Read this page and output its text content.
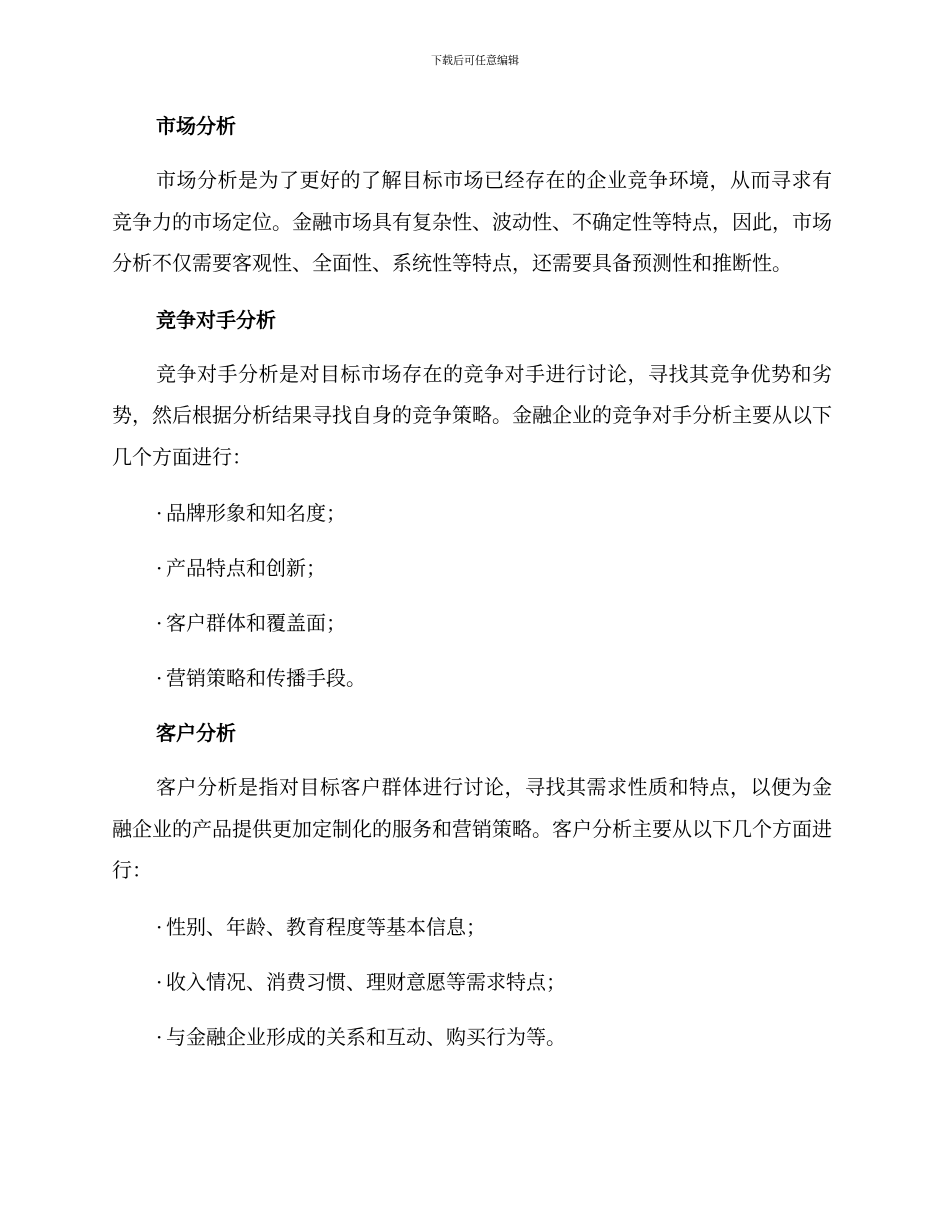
下载后可任意编辑
市场分析

市场分析是为了更好的了解目标市场已经存在的企业竞争环境，从而寻求有竞争力的市场定位。金融市场具有复杂性、波动性、不确定性等特点，因此，市场分析不仅需要客观性、全面性、系统性等特点，还需要具备预测性和推断性。

竞争对手分析

竞争对手分析是对目标市场存在的竞争对手进行讨论，寻找其竞争优势和劣势，然后根据分析结果寻找自身的竞争策略。金融企业的竞争对手分析主要从以下几个方面进行：

· 品牌形象和知名度；
· 产品特点和创新；
· 客户群体和覆盖面；
· 营销策略和传播手段。
客户分析

客户分析是指对目标客户群体进行讨论，寻找其需求性质和特点，以便为金融企业的产品提供更加定制化的服务和营销策略。客户分析主要从以下几个方面进行：

· 性别、年龄、教育程度等基本信息；
· 收入情况、消费习惯、理财意愿等需求特点；
· 与金融企业形成的关系和互动、购买行为等。
